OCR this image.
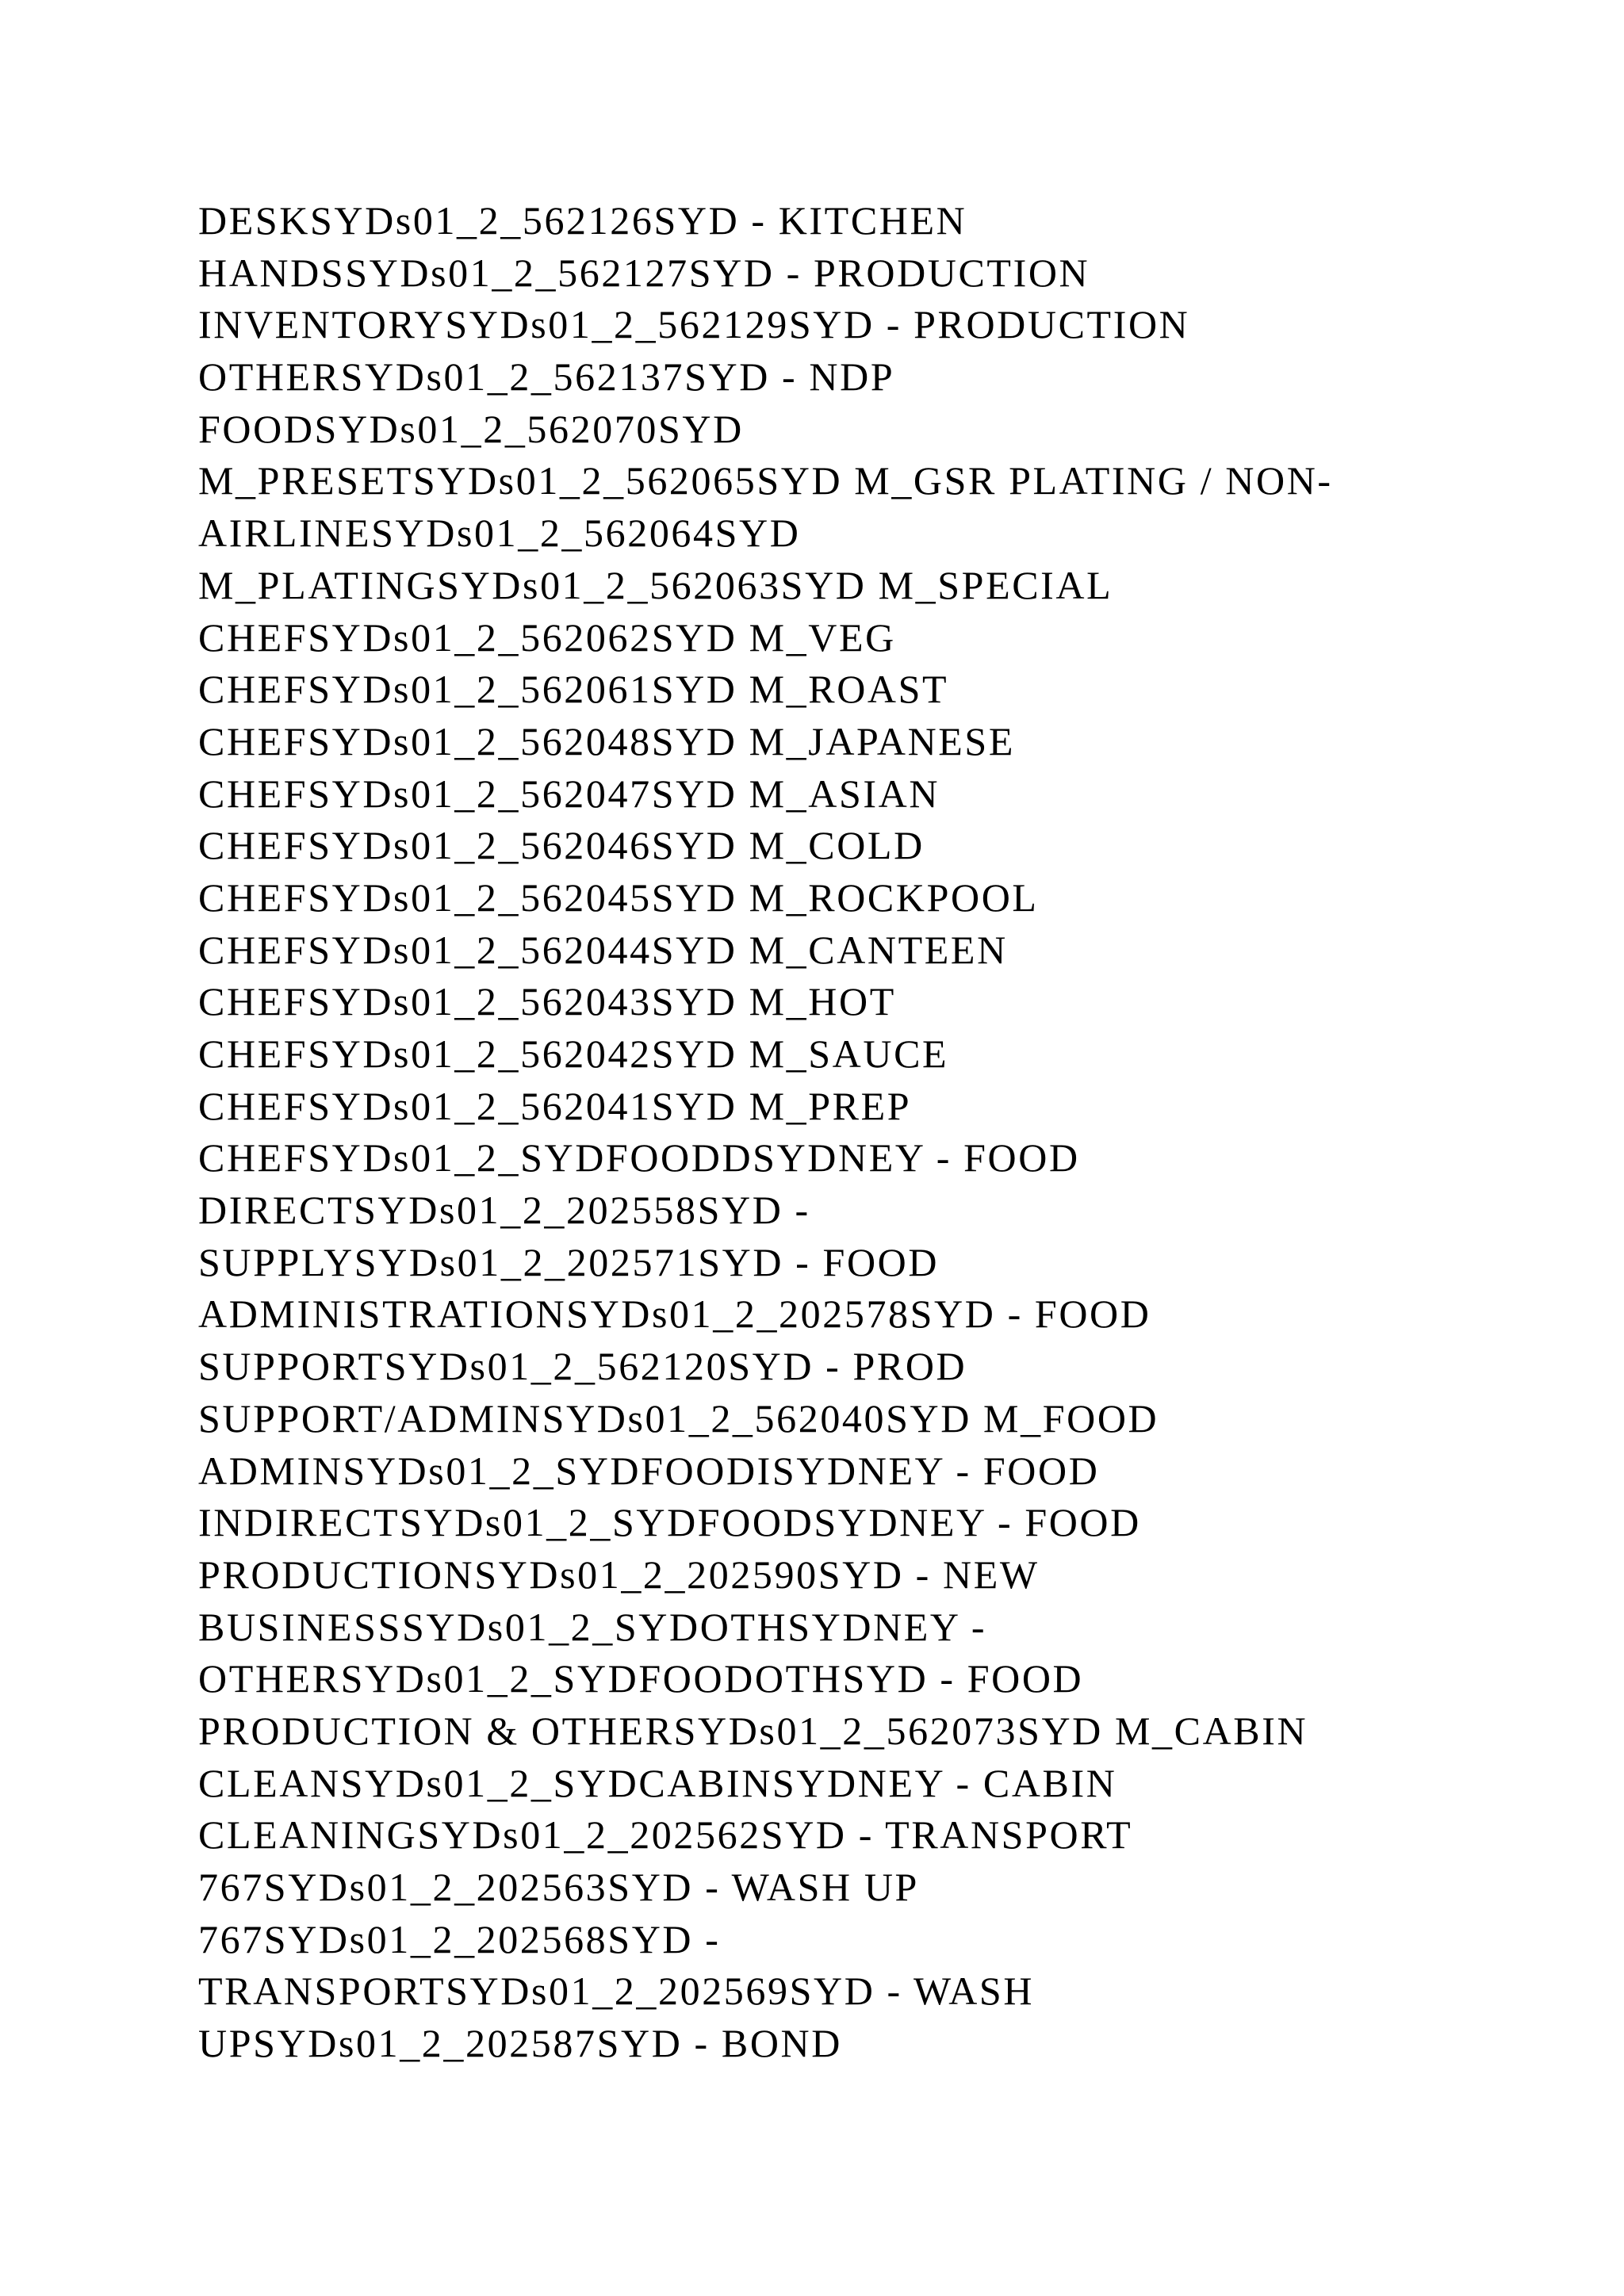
DESKSYDs01_2_562126SYD - KITCHEN
HANDSSYDs01_2_562127SYD - PRODUCTION
INVENTORYSYDs01_2_562129SYD - PRODUCTION
OTHERSYDs01_2_562137SYD - NDP
FOODSYDs01_2_562070SYD
M_PRESETSYDs01_2_562065SYD M_GSR PLATING / NON-
AIRLINESYDs01_2_562064SYD
M_PLATINGSYDs01_2_562063SYD M_SPECIAL
CHEFSYDs01_2_562062SYD M_VEG
CHEFSYDs01_2_562061SYD M_ROAST
CHEFSYDs01_2_562048SYD M_JAPANESE
CHEFSYDs01_2_562047SYD M_ASIAN
CHEFSYDs01_2_562046SYD M_COLD
CHEFSYDs01_2_562045SYD M_ROCKPOOL
CHEFSYDs01_2_562044SYD M_CANTEEN
CHEFSYDs01_2_562043SYD M_HOT
CHEFSYDs01_2_562042SYD M_SAUCE
CHEFSYDs01_2_562041SYD M_PREP
CHEFSYDs01_2_SYDFOODDSYDNEY - FOOD
DIRECTSYDs01_2_202558SYD -
SUPPLYSYDs01_2_202571SYD - FOOD
ADMINISTRATIONSYDs01_2_202578SYD - FOOD
SUPPORTSYDs01_2_562120SYD - PROD
SUPPORT/ADMINSYDs01_2_562040SYD M_FOOD
ADMINSYDs01_2_SYDFOODISYDNEY - FOOD
INDIRECTSYDs01_2_SYDFOODSYDNEY - FOOD
PRODUCTIONSYDs01_2_202590SYD - NEW
BUSINESSSYDs01_2_SYDOTHSYDNEY -
OTHERSYDs01_2_SYDFOODOTHSYD - FOOD
PRODUCTION & OTHERSYDs01_2_562073SYD M_CABIN
CLEANSYDs01_2_SYDCABINSYDNEY - CABIN
CLEANINGSYDs01_2_202562SYD - TRANSPORT
767SYDs01_2_202563SYD - WASH UP
767SYDs01_2_202568SYD -
TRANSPORTSYDs01_2_202569SYD - WASH
UPSYDs01_2_202587SYD - BOND
